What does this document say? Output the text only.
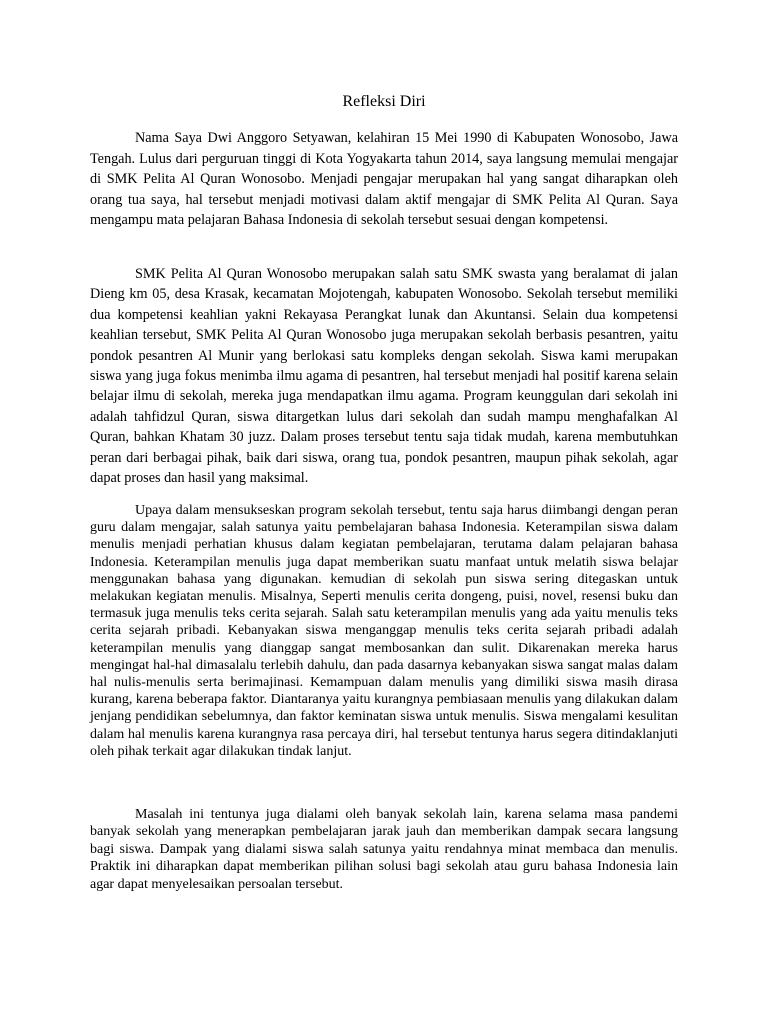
Refleksi Diri

Nama Saya Dwi Anggoro Setyawan, kelahiran 15 Mei 1990 di Kabupaten Wonosobo, Jawa Tengah. Lulus dari perguruan tinggi di Kota Yogyakarta tahun 2014, saya langsung memulai mengajar di SMK Pelita Al Quran Wonosobo. Menjadi pengajar merupakan hal yang sangat diharapkan oleh orang tua saya, hal tersebut menjadi motivasi dalam aktif mengajar di SMK Pelita Al Quran. Saya mengampu mata pelajaran Bahasa Indonesia di sekolah tersebut sesuai dengan kompetensi.

SMK Pelita Al Quran Wonosobo merupakan salah satu SMK swasta yang beralamat di jalan Dieng km 05, desa Krasak, kecamatan Mojotengah, kabupaten Wonosobo. Sekolah tersebut memiliki dua kompetensi keahlian yakni Rekayasa Perangkat lunak dan Akuntansi. Selain dua kompetensi keahlian tersebut, SMK Pelita Al Quran Wonosobo juga merupakan sekolah berbasis pesantren, yaitu pondok pesantren Al Munir yang berlokasi satu kompleks dengan sekolah. Siswa kami merupakan siswa yang juga fokus menimba ilmu agama di pesantren, hal tersebut menjadi hal positif karena selain belajar ilmu di sekolah, mereka juga mendapatkan ilmu agama. Program keunggulan dari sekolah ini adalah tahfidzul Quran, siswa ditargetkan lulus dari sekolah dan sudah mampu menghafalkan Al Quran, bahkan Khatam 30 juzz. Dalam proses tersebut tentu saja tidak mudah, karena membutuhkan peran dari berbagai pihak, baik dari siswa, orang tua, pondok pesantren, maupun pihak sekolah, agar dapat proses dan hasil yang maksimal.

Upaya dalam mensukseskan program sekolah tersebut, tentu saja harus diimbangi dengan peran guru dalam mengajar, salah satunya yaitu pembelajaran bahasa Indonesia. Keterampilan siswa dalam menulis menjadi perhatian khusus dalam kegiatan pembelajaran, terutama dalam pelajaran bahasa Indonesia. Keterampilan menulis juga dapat memberikan suatu manfaat untuk melatih siswa belajar menggunakan bahasa yang digunakan. kemudian di sekolah pun siswa sering ditegaskan untuk melakukan kegiatan menulis. Misalnya, Seperti menulis cerita dongeng, puisi, novel, resensi buku dan termasuk juga menulis teks cerita sejarah. Salah satu keterampilan menulis yang ada yaitu menulis teks cerita sejarah pribadi. Kebanyakan siswa menganggap menulis teks cerita sejarah pribadi adalah keterampilan menulis yang dianggap sangat membosankan dan sulit. Dikarenakan mereka harus mengingat hal-hal dimasalalu terlebih dahulu, dan pada dasarnya kebanyakan siswa sangat malas dalam hal nulis-menulis serta berimajinasi. Kemampuan dalam menulis yang dimiliki siswa masih dirasa kurang, karena beberapa faktor. Diantaranya yaitu kurangnya pembiasaan menulis yang dilakukan dalam jenjang pendidikan sebelumnya, dan faktor keminatan siswa untuk menulis. Siswa mengalami kesulitan dalam hal menulis karena kurangnya rasa percaya diri, hal tersebut tentunya harus segera ditindaklanjuti oleh pihak terkait agar dilakukan tindak lanjut.

Masalah ini tentunya juga dialami oleh banyak sekolah lain, karena selama masa pandemi banyak sekolah yang menerapkan pembelajaran jarak jauh dan memberikan dampak secara langsung bagi siswa. Dampak yang dialami siswa salah satunya yaitu rendahnya minat membaca dan menulis. Praktik ini diharapkan dapat memberikan pilihan solusi bagi sekolah atau guru bahasa Indonesia lain agar dapat menyelesaikan persoalan tersebut.
